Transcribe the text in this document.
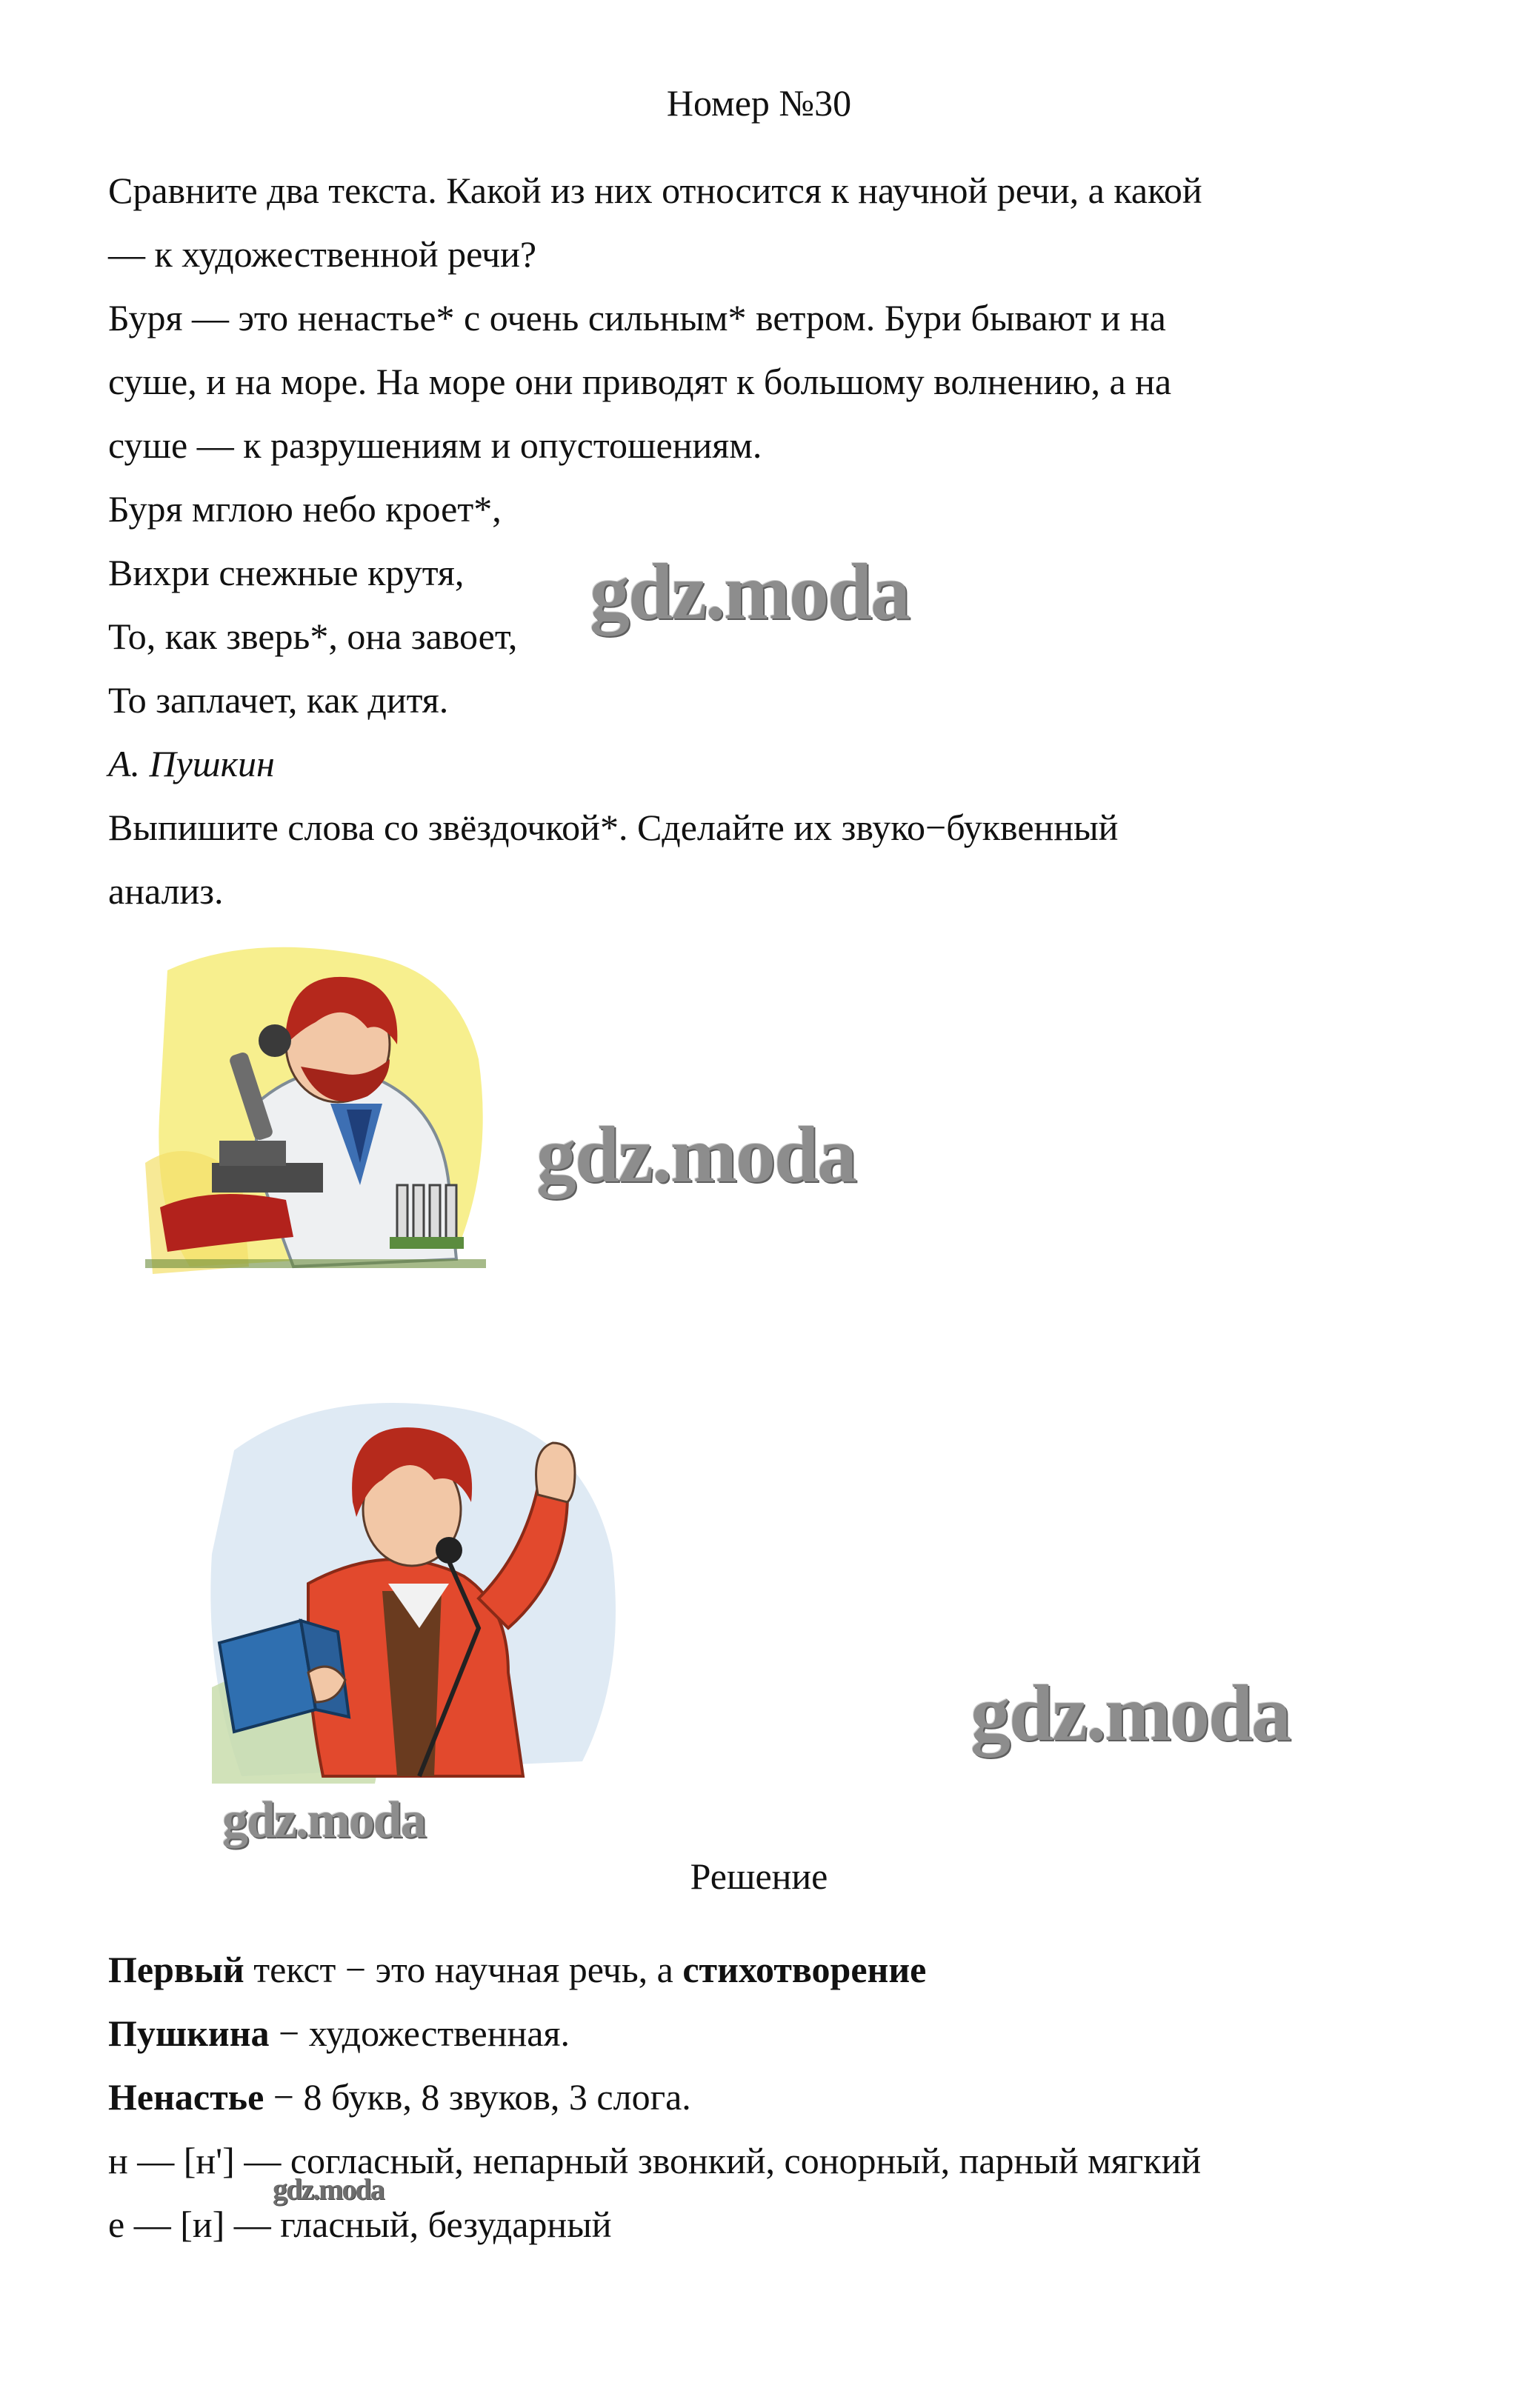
Номер №30

Сравните два текста. Какой из них относится к научной речи, а какой

— к художественной речи?

Буря — это ненастье* с очень сильным* ветром. Бури бывают и на

суше, и на море. На море они приводят к большому волнению, а на

суше — к разрушениям и опустошениям.

Буря мглою небо кроет*,

Вихри снежные крутя,

То, как зверь*, она завоет,

То заплачет, как дитя.

А. Пушкин

Выпишите слова со звёздочкой*. Сделайте их звуко−буквенный

анализ.

gdz.moda
gdz.moda
gdz.moda
gdz.moda
gdz.moda

Решение

Первый текст − это научная речь, а стихотворение

Пушкина − художественная.

Ненастье − 8 букв, 8 звуков, 3 слога.

н — [н'] — согласный, непарный звонкий, сонорный, парный мягкий

е — [и] — гласный, безударный
